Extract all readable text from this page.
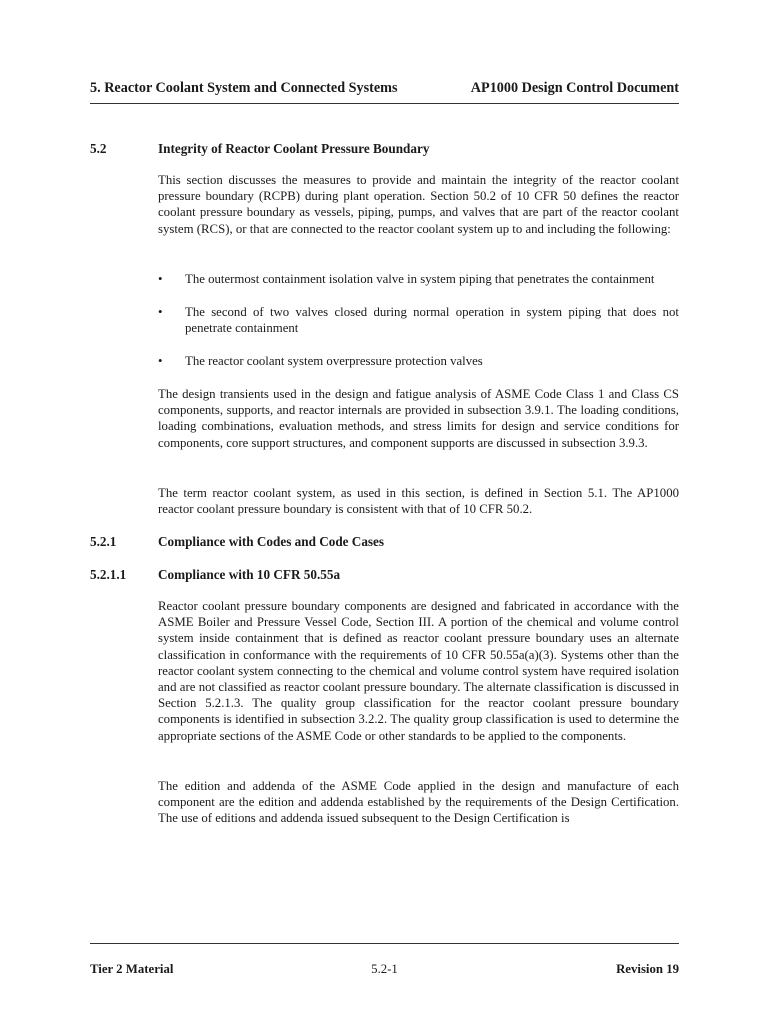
5. Reactor Coolant System and Connected Systems	AP1000 Design Control Document
5.2	Integrity of Reactor Coolant Pressure Boundary

This section discusses the measures to provide and maintain the integrity of the reactor coolant pressure boundary (RCPB) during plant operation. Section 50.2 of 10 CFR 50 defines the reactor coolant pressure boundary as vessels, piping, pumps, and valves that are part of the reactor coolant system (RCS), or that are connected to the reactor coolant system up to and including the following:

• The outermost containment isolation valve in system piping that penetrates the containment
• The second of two valves closed during normal operation in system piping that does not penetrate containment
• The reactor coolant system overpressure protection valves

The design transients used in the design and fatigue analysis of ASME Code Class 1 and Class CS components, supports, and reactor internals are provided in subsection 3.9.1. The loading conditions, loading combinations, evaluation methods, and stress limits for design and service conditions for components, core support structures, and component supports are discussed in subsection 3.9.3.

The term reactor coolant system, as used in this section, is defined in Section 5.1. The AP1000 reactor coolant pressure boundary is consistent with that of 10 CFR 50.2.

5.2.1	Compliance with Codes and Code Cases
5.2.1.1 Compliance with 10 CFR 50.55a

Reactor coolant pressure boundary components are designed and fabricated in accordance with the ASME Boiler and Pressure Vessel Code, Section III. A portion of the chemical and volume control system inside containment that is defined as reactor coolant pressure boundary uses an alternate classification in conformance with the requirements of 10 CFR 50.55a(a)(3). Systems other than the reactor coolant system connecting to the chemical and volume control system have required isolation and are not classified as reactor coolant pressure boundary. The alternate classification is discussed in Section 5.2.1.3. The quality group classification for the reactor coolant pressure boundary components is identified in subsection 3.2.2. The quality group classification is used to determine the appropriate sections of the ASME Code or other standards to be applied to the components.

The edition and addenda of the ASME Code applied in the design and manufacture of each component are the edition and addenda established by the requirements of the Design Certification. The use of editions and addenda issued subsequent to the Design Certification is

Tier 2 Material	5.2-1	Revision 19
